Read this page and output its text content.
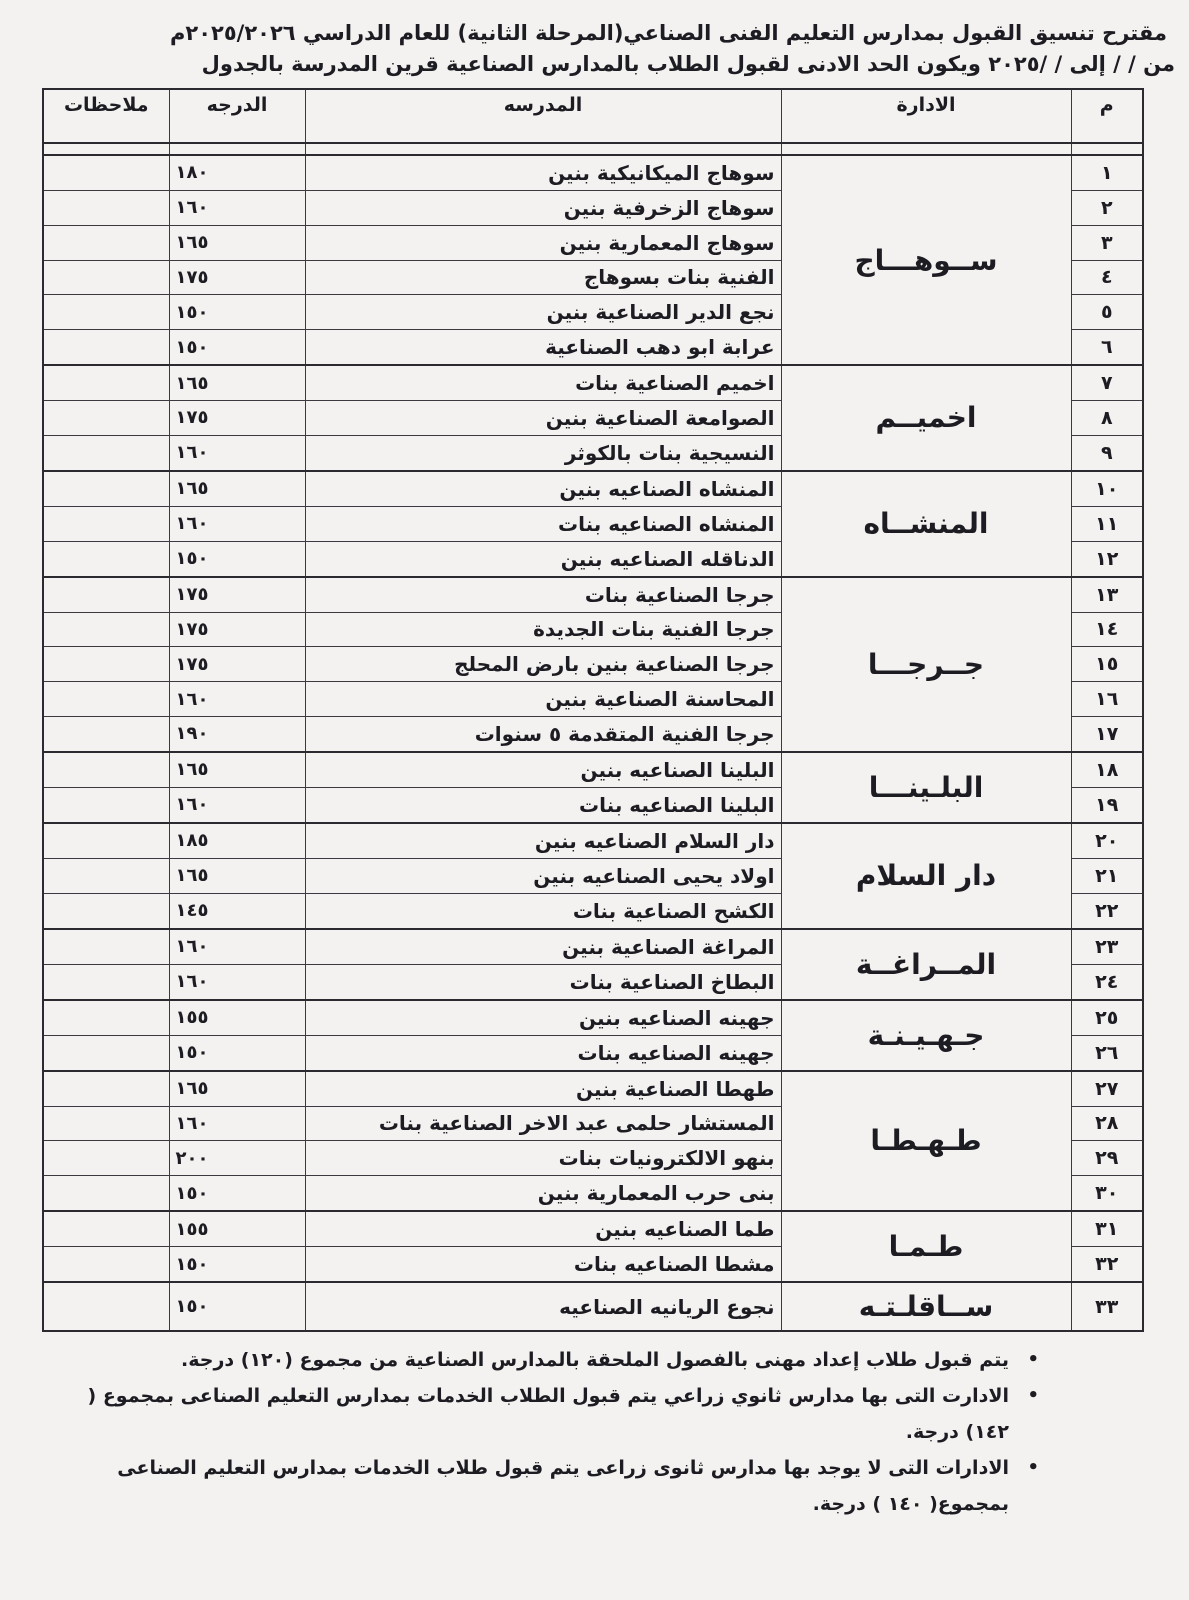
مقترح تنسيق القبول بمدارس التعليم الفنى الصناعي(المرحلة الثانية) للعام الدراسي ٢٠٢٥/٢٠٢٦م
من / / إلى / /٢٠٢٥ ويكون الحد الادنى لقبول الطلاب بالمدارس الصناعية قرين المدرسة بالجدول
م	الادارة	المدرسه	الدرجه	ملاحظات

١	ســوهـــاج	سوهاج الميكانيكية بنين	١٨٠	
٢		سوهاج الزخرفية بنين	١٦٠	
٣		سوهاج المعمارية بنين	١٦٥	
٤		الفنية بنات بسوهاج	١٧٥	
٥		نجع الدير الصناعية بنين	١٥٠	
٦		عرابة ابو دهب الصناعية	١٥٠	
٧	اخميــم	اخميم الصناعية بنات	١٦٥	
٨		الصوامعة الصناعية بنين	١٧٥	
٩		النسيجية بنات بالكوثر	١٦٠	
١٠	المنشــاه	المنشاه الصناعيه بنين	١٦٥	
١١		المنشاه الصناعيه بنات	١٦٠	
١٢		الدناقله الصناعيه بنين	١٥٠	
١٣	جــرجـــا	جرجا الصناعية بنات	١٧٥	
١٤		جرجا الفنية بنات الجديدة	١٧٥	
١٥		جرجا الصناعية بنين بارض المحلج	١٧٥	
١٦		المحاسنة الصناعية بنين	١٦٠	
١٧		جرجا الفنية المتقدمة ٥ سنوات	١٩٠	
١٨	البلـينـــا	البلينا الصناعيه بنين	١٦٥	
١٩		البلينا الصناعيه بنات	١٦٠	
٢٠	دار السلام	دار السلام الصناعيه بنين	١٨٥	
٢١		اولاد يحيى الصناعيه بنين	١٦٥	
٢٢		الكشح الصناعية بنات	١٤٥	
٢٣	المــراغــة	المراغة الصناعية بنين	١٦٠	
٢٤		البطاخ الصناعية بنات	١٦٠	
٢٥	جـهـيـنـة	جهينه الصناعيه بنين	١٥٥	
٢٦		جهينه الصناعيه بنات	١٥٠	
٢٧	طـهـطـا	طهطا الصناعية بنين	١٦٥	
٢٨		المستشار حلمى عبد الاخر الصناعية بنات	١٦٠	
٢٩		بنهو الالكترونيات بنات	٢٠٠	
٣٠		بنى حرب المعمارية بنين	١٥٠	
٣١	طـمـا	طما الصناعيه بنين	١٥٥	
٣٢		مشطا الصناعيه بنات	١٥٠	
٣٣	ســاقلـتـه	نجوع الريانيه الصناعيه	١٥٠	
•
يتم قبول طلاب إعداد مهنى بالفصول الملحقة بالمدارس الصناعية من مجموع (١٢٠) درجة.
•
الادارت التى بها مدارس ثانوي زراعي يتم قبول الطلاب الخدمات بمدارس التعليم الصناعى بمجموع ( ١٤٢) درجة.
•
الادارات التى لا يوجد بها مدارس ثانوى زراعى يتم قبول طلاب الخدمات بمدارس التعليم الصناعى بمجموع( ١٤٠ ) درجة.
